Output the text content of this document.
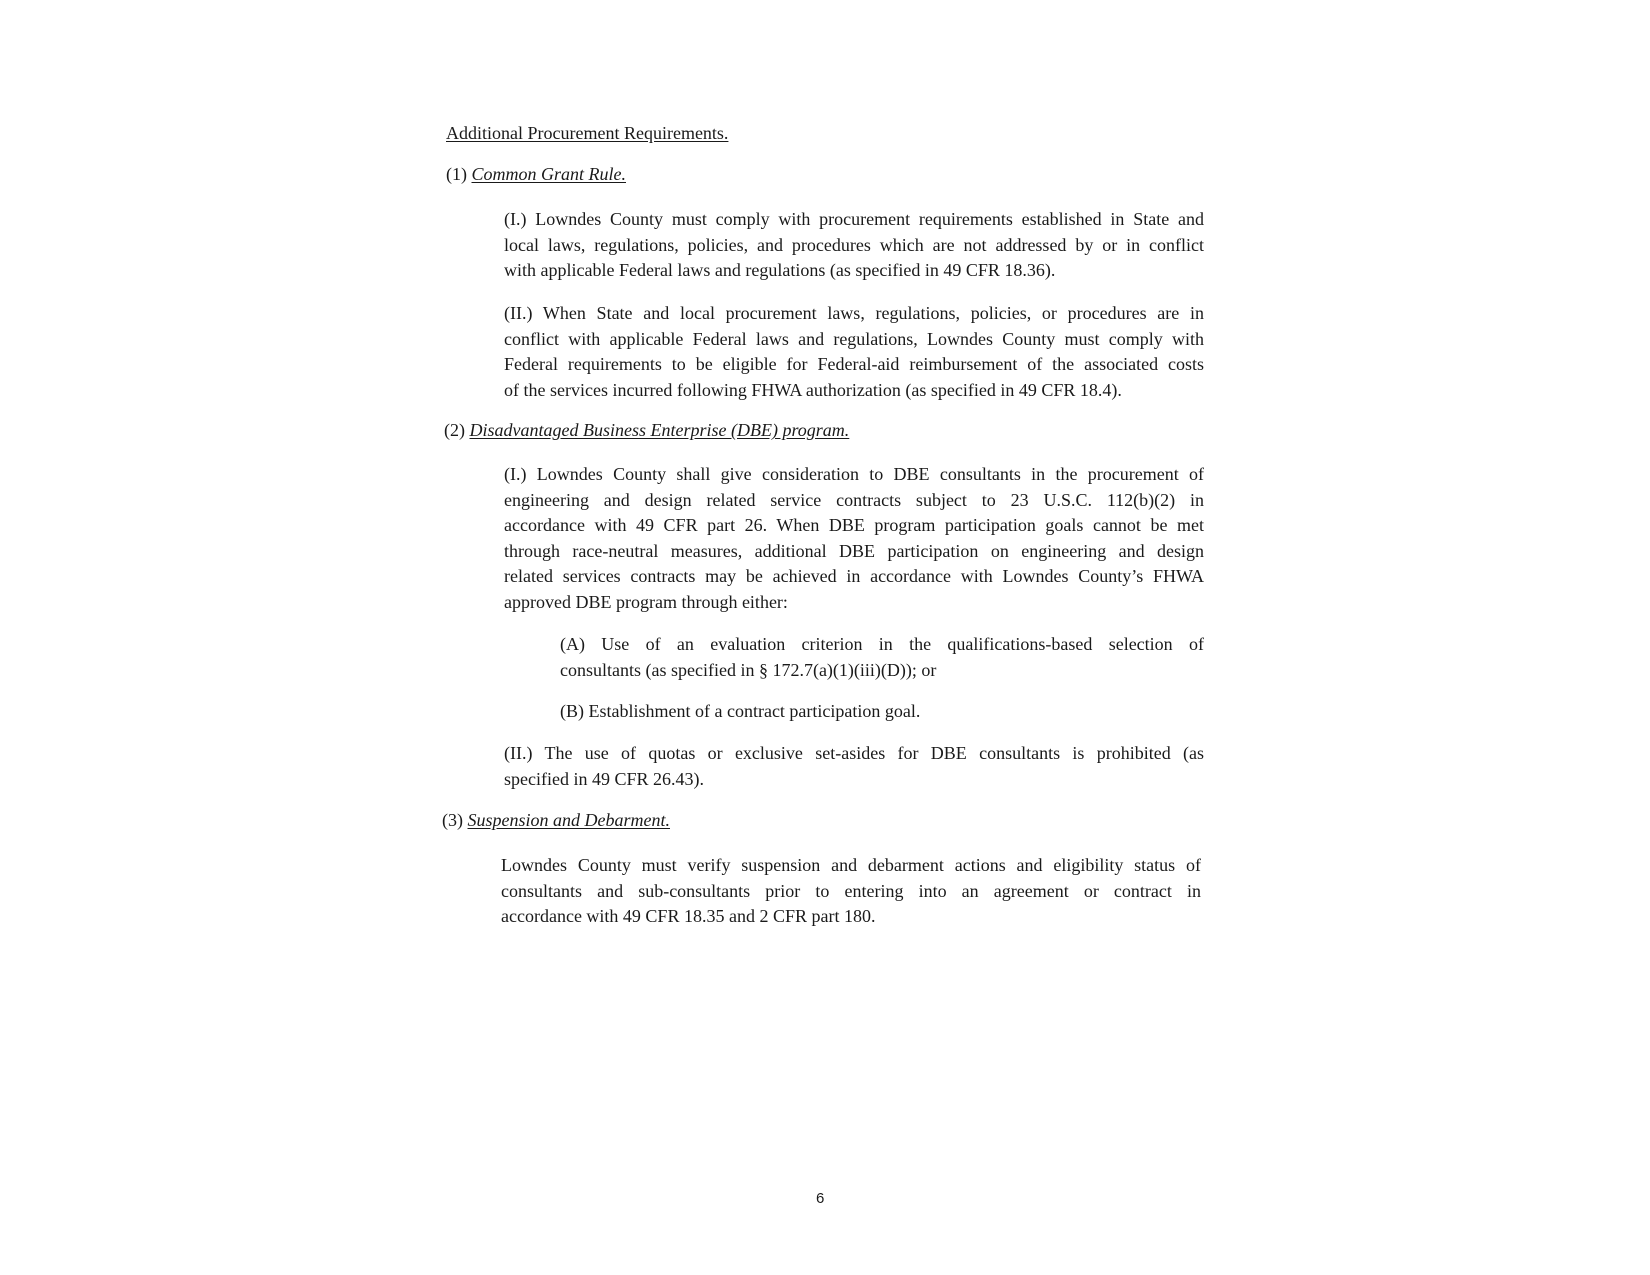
Additional Procurement Requirements.
(1) Common Grant Rule.
(I.) Lowndes County must comply with procurement requirements established in State and
local laws, regulations, policies, and procedures which are not addressed by or in conflict
with applicable Federal laws and regulations (as specified in 49 CFR 18.36).
(II.) When State and local procurement laws, regulations, policies, or procedures are in
conflict with applicable Federal laws and regulations, Lowndes County must comply with
Federal requirements to be eligible for Federal-aid reimbursement of the associated costs
of the services incurred following FHWA authorization (as specified in 49 CFR 18.4).
(2) Disadvantaged Business Enterprise (DBE) program.
(I.) Lowndes County shall give consideration to DBE consultants in the procurement of
engineering and design related service contracts subject to 23 U.S.C. 112(b)(2) in
accordance with 49 CFR part 26. When DBE program participation goals cannot be met
through race-neutral measures, additional DBE participation on engineering and design
related services contracts may be achieved in accordance with Lowndes County’s FHWA
approved DBE program through either:
(A) Use of an evaluation criterion in the qualifications-based selection of
consultants (as specified in § 172.7(a)(1)(iii)(D)); or
(B) Establishment of a contract participation goal.
(II.) The use of quotas or exclusive set-asides for DBE consultants is prohibited (as
specified in 49 CFR 26.43).
(3) Suspension and Debarment.
Lowndes County must verify suspension and debarment actions and eligibility status of
consultants and sub-consultants prior to entering into an agreement or contract in
accordance with 49 CFR 18.35 and 2 CFR part 180.
6
